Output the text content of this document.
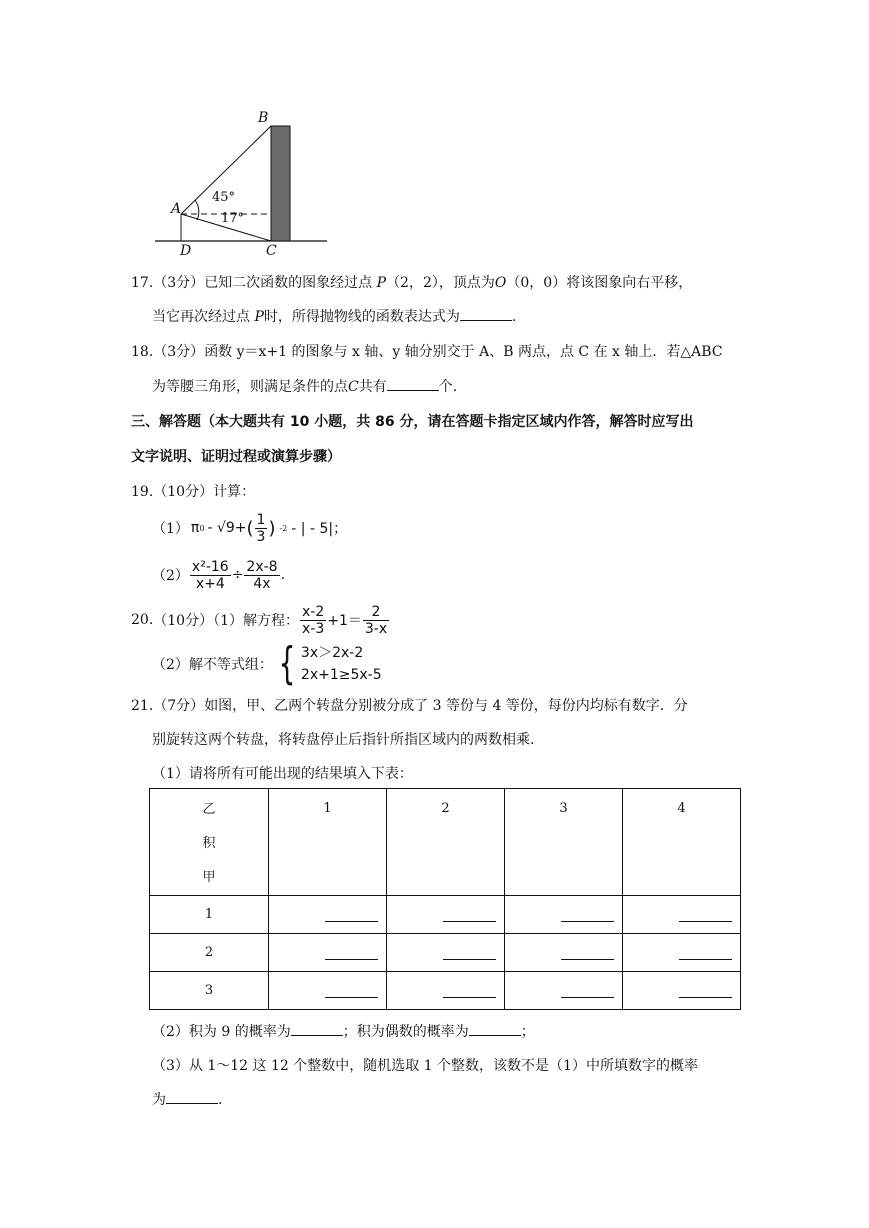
B
A
D	C
45°
17°
17.（3分）已知二次函数的图象经过点 P（2，2），顶点为O（0，0）将该图象向右平移，
当它再次经过点 P时，所得抛物线的函数表达式为	.
18.（3分）函数 y＝x+1 的图象与 x 轴、y 轴分别交于 A、B 两点，点 C 在 x 轴上．若△ABC
为等腰三角形，则满足条件的点C共有	个.
三、解答题（本大题共有 10 小题，共 86 分，请在答题卡指定区域内作答，解答时应写出
文字说明、证明过程或演算步骤）
19.（10分）计算：
（1） π 0 - √9+ ( $\frac{1}{3}$ ) -2 - | - 5|；
$(2) \frac{\text{x²-16}}{x+4} \div \frac{2x-8}{4x}$ .
20. （10分）（1）解方程： $\frac{x-2}{x-3} +1= \frac{2}{3-x}$
（2）解不等式组： { 3x＞2x-2
2x+1≥5x-5
21.（7分）如图，甲、乙两个转盘分别被分成了 3 等份与 4 等份，每份内均标有数字．分
别旋转这两个转盘，将转盘停止后指针所指区域内的两数相乘.
（1）请将所有可能出现的结果填入下表：
乙
积
甲	1	2	3	4
1				
2				
3				
（2）积为 9 的概率为	；积为偶数的概率为	；
（3）从 1～12 这 12 个整数中，随机选取 1 个整数，该数不是（1）中所填数字的概率
为	.
